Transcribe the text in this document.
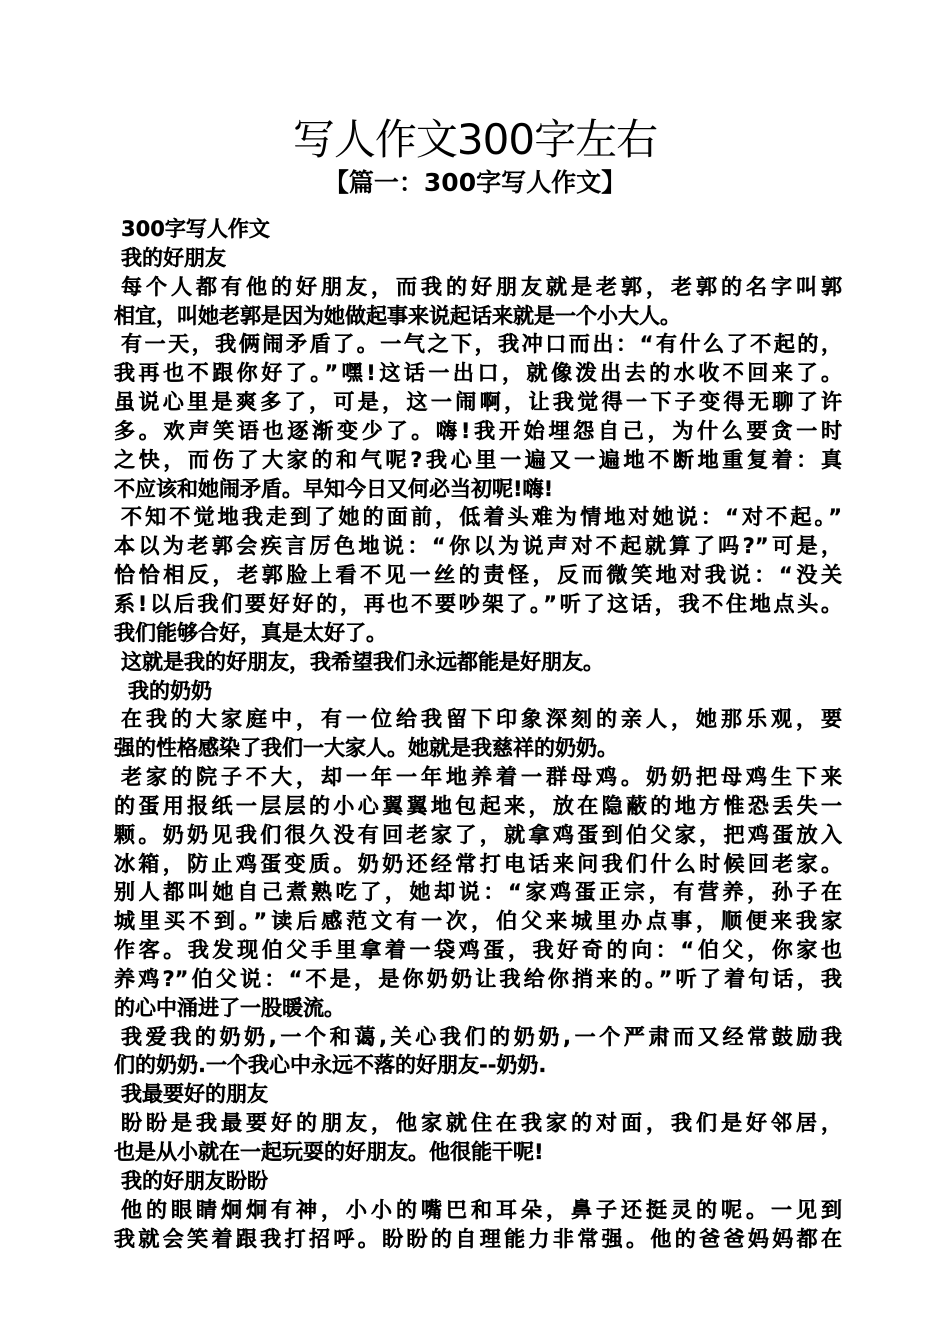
写人作文300字左右
【篇一：300字写人作文】
300字写人作文
我的好朋友
每个人都有他的好朋友，而我的好朋友就是老郭，老郭的名字叫郭
相宜，叫她老郭是因为她做起事来说起话来就是一个小大人。
有一天，我俩闹矛盾了。一气之下，我冲口而出：“有什么了不起的，
我再也不跟你好了。”嘿!这话一出口，就像泼出去的水收不回来了。
虽说心里是爽多了，可是，这一闹啊，让我觉得一下子变得无聊了许
多。欢声笑语也逐渐变少了。嗨!我开始埋怨自己，为什么要贪一时
之快，而伤了大家的和气呢?我心里一遍又一遍地不断地重复着：真
不应该和她闹矛盾。早知今日又何必当初呢!嗨!
不知不觉地我走到了她的面前，低着头难为情地对她说：“对不起。”
本以为老郭会疾言厉色地说：“你以为说声对不起就算了吗?”可是，
恰恰相反，老郭脸上看不见一丝的责怪，反而微笑地对我说：“没关
系!以后我们要好好的，再也不要吵架了。”听了这话，我不住地点头。
我们能够合好，真是太好了。
这就是我的好朋友，我希望我们永远都能是好朋友。
我的奶奶
在我的大家庭中，有一位给我留下印象深刻的亲人，她那乐观，要
强的性格感染了我们一大家人。她就是我慈祥的奶奶。
老家的院子不大，却一年一年地养着一群母鸡。奶奶把母鸡生下来
的蛋用报纸一层层的小心翼翼地包起来，放在隐蔽的地方惟恐丢失一
颗。奶奶见我们很久没有回老家了，就拿鸡蛋到伯父家，把鸡蛋放入
冰箱，防止鸡蛋变质。奶奶还经常打电话来问我们什么时候回老家。
别人都叫她自己煮熟吃了，她却说：“家鸡蛋正宗，有营养，孙子在
城里买不到。”读后感范文有一次，伯父来城里办点事，顺便来我家
作客。我发现伯父手里拿着一袋鸡蛋，我好奇的向：“伯父，你家也
养鸡?”伯父说：“不是，是你奶奶让我给你捎来的。”听了着句话，我
的心中涌进了一股暖流。
我爱我的奶奶,一个和蔼,关心我们的奶奶,一个严肃而又经常鼓励我
们的奶奶.一个我心中永远不落的好朋友--奶奶.
我最要好的朋友
盼盼是我最要好的朋友，他家就住在我家的对面，我们是好邻居，
也是从小就在一起玩耍的好朋友。他很能干呢!
我的好朋友盼盼
他的眼睛炯炯有神，小小的嘴巴和耳朵，鼻子还挺灵的呢。一见到
我就会笑着跟我打招呼。盼盼的自理能力非常强。他的爸爸妈妈都在
